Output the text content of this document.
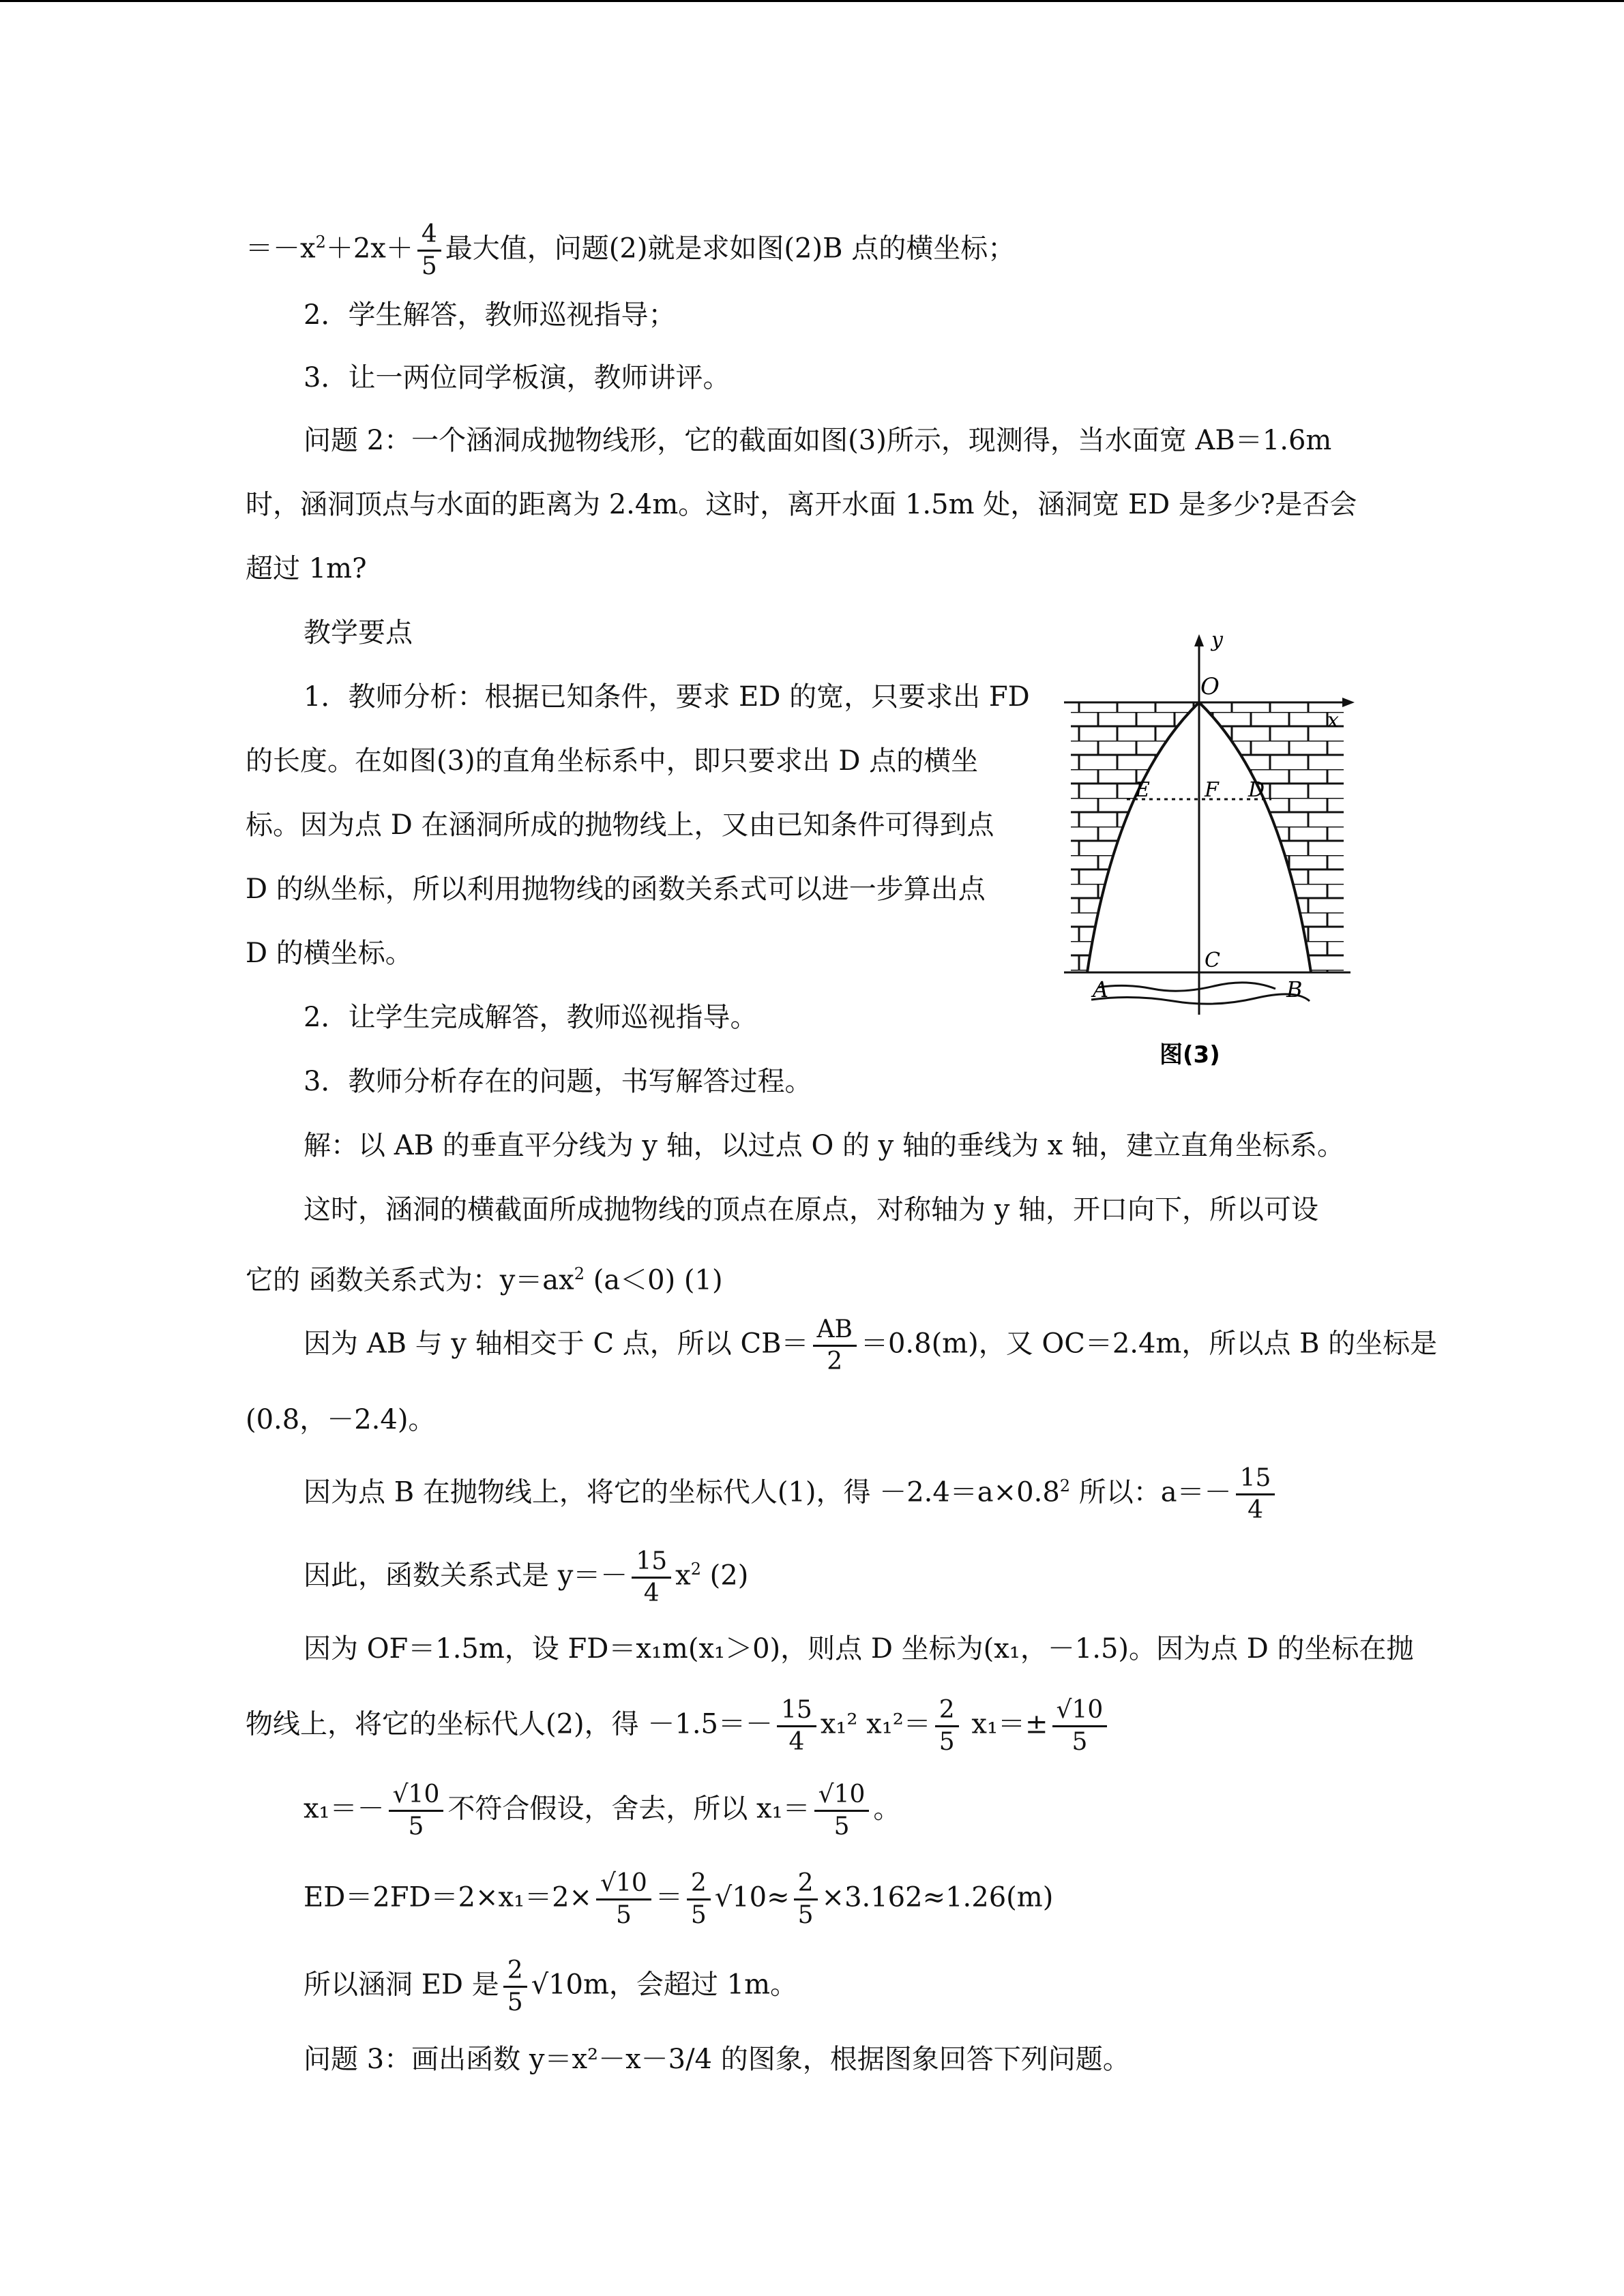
$=-x^2+2x+ \frac{4}{5}$ 最大值，问题(2)就是求如图(2)B 点的横坐标；
2．学生解答，教师巡视指导；
3．让一两位同学板演，教师讲评。
问题 2：一个涵洞成抛物线形，它的截面如图(3)所示，现测得，当水面宽 AB＝1.6m
时，涵洞顶点与水面的距离为 2.4m。这时，离开水面 1.5m 处，涵洞宽 ED 是多少?是否会
超过 1m?
教学要点
1．教师分析：根据已知条件，要求 ED 的宽，只要求出 FD
的长度。在如图(3)的直角坐标系中，即只要求出 D 点的横坐
标。因为点 D 在涵洞所成的抛物线上，又由已知条件可得到点
D 的纵坐标，所以利用抛物线的函数关系式可以进一步算出点
D 的横坐标。
2．让学生完成解答，教师巡视指导。
3．教师分析存在的问题，书写解答过程。
解：以 AB 的垂直平分线为 y 轴，以过点 O 的 y 轴的垂线为 x 轴，建立直角坐标系。
这时，涵洞的横截面所成抛物线的顶点在原点，对称轴为 y 轴，开口向下，所以可设
它的 函数关系式为：$y=ax^2$ (a＜0) (1)
因为 AB 与 y 轴相交于 C 点，所以 $CB= \frac{AB}{2} =0.8(m)$，又 OC＝2.4m，所以点 B 的坐标是
(0.8，－2.4)。
因为点 B 在抛物线上，将它的坐标代人(1)，得 $-2.4=a\times 0.8^2$ 所以：$a=- \frac{15}{4}$
因此，函数关系式是 $y=- \frac{15}{4} x^2$ (2)
因为 OF＝1.5m，设 FD＝x₁m(x₁＞0)，则点 D 坐标为(x₁，－1.5)。因为点 D 的坐标在抛
物线上，将它的坐标代人(2)，得 $-1.5=- \frac{15}{4} x_1^2$ $x_1^2= \frac{2}{5} x_1=\pm \frac{√10}{5}$
$x_1=- \frac{√10}{5}$ 不符合假设，舍去，所以 $x_1= \frac{√10}{5}$ 。
$ED=2FD=2\times x_1=2\times \frac{√10}{5} = \frac{2}{5} √10\approx \frac{2}{5} \times 3.162\approx 1.26(m)$
所以涵洞 ED 是 $\frac{2}{5} √10m$，会超过 1m。
问题 3：画出函数 y＝x²－x－3/4 的图象，根据图象回答下列问题。
y
x
O
E	F D
C
A	B
图(3)
